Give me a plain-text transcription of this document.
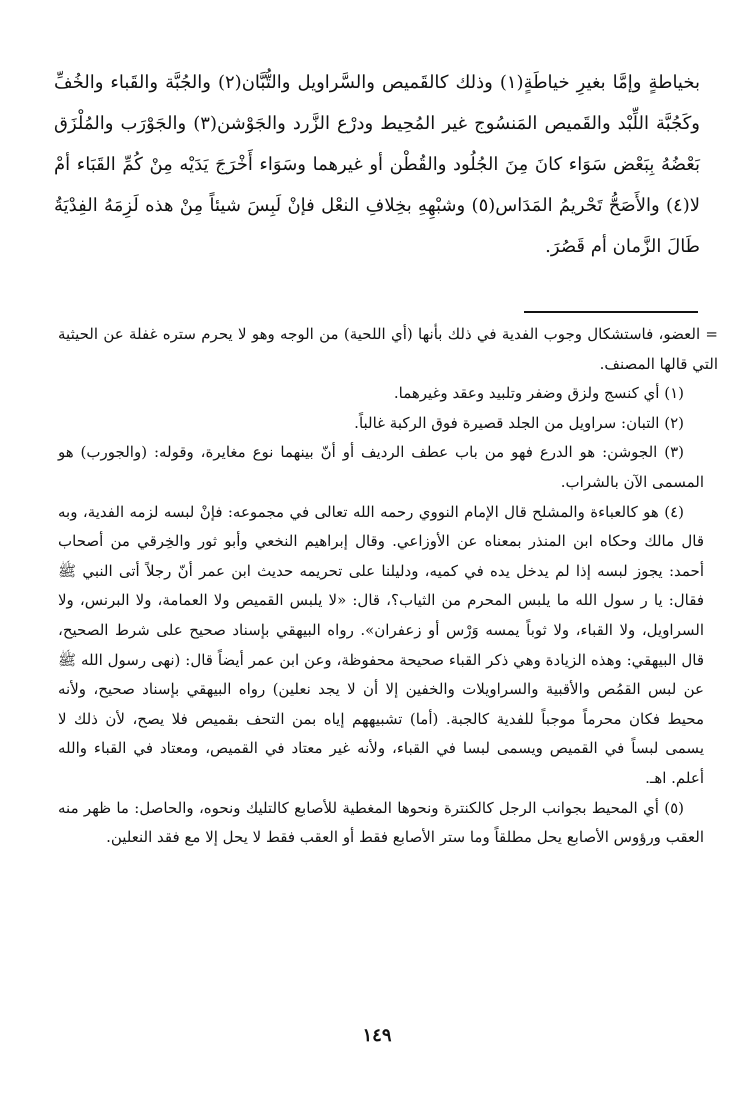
بخياطةٍ وإمَّا بغيرِ خياطَةٍ(١) وذلك كالقَميص والسَّراويل والتُّبَّان(٢) والجُبَّة والقَباء والخُفِّ وكَجُبَّة اللِّبْد والقَميص المَنسُوج غير المُحِيط ودرْع الزَّرد والجَوْشن(٣) والجَوْرَب والمُلْزَق بَعْضُهُ بِبَعْض سَوَاء كانَ مِنَ الجُلُود والقُطْن أو غيرهما وسَوَاء أَخْرَجَ يَدَيْه مِنْ كُمِّ القَبَاء أمْ لا(٤) والأَصَحُّ تَحْريمُ المَدَاس(٥) وشبْهِهِ بخِلافِ النعْل فإنْ لَبِسَ شيئاً مِنْ هذه لَزِمَهُ الفِدْيَةُ طَالَ الزَّمان أم قَصُرَ.

= العضو، فاستشكال وجوب الفدية في ذلك بأنها (أي اللحية) من الوجه وهو لا يحرم ستره غفلة عن الحيثية التي قالها المصنف.

(١) أي كنسج ولزق وضفر وتلبيد وعقد وغيرهما.

(٢) التبان: سراويل من الجلد قصيرة فوق الركبة غالباً.

(٣) الجوشن: هو الدرع فهو من باب عطف الرديف أو أنّ بينهما نوع مغايرة، وقوله: (والجورب) هو المسمى الآن بالشراب.

(٤) هو كالعباءة والمشلح قال الإمام النووي رحمه الله تعالى في مجموعه: فإنْ لبسه لزمه الفدية، وبه قال مالك وحكاه ابن المنذر بمعناه عن الأوزاعي. وقال إبراهيم النخعي وأبو ثور والخِرقي من أصحاب أحمد: يجوز لبسه إذا لم يدخل يده في كميه، ودليلنا على تحريمه حديث ابن عمر أنّ رجلاً أتى النبي ﷺ فقال: يا ر سول الله ما يلبس المحرم من الثياب؟، قال: «لا يلبس القميص ولا العمامة، ولا البرنس، ولا السراويل، ولا القباء، ولا ثوباً يمسه وَرْس أو زعفران». رواه البيهقي بإسناد صحيح على شرط الصحيح، قال البيهقي: وهذه الزيادة وهي ذكر القباء صحيحة محفوظة، وعن ابن عمر أيضاً قال: (نهى رسول الله ﷺ عن لبس القمُص والأقبية والسراويلات والخفين إلا أن لا يجد نعلين) رواه البيهقي بإسناد صحيح، ولأنه محيط فكان محرماً موجباً للفدية كالجبة. (أما) تشبيههم إياه بمن التحف بقميص فلا يصح، لأن ذلك لا يسمى لبساً في القميص ويسمى لبسا في القباء، ولأنه غير معتاد في القميص، ومعتاد في القباء والله أعلم. اهـ.

(٥) أي المحيط بجوانب الرجل كالكنترة ونحوها المغطية للأصابع كالتليك ونحوه، والحاصل: ما ظهر منه العقب ورؤوس الأصابع يحل مطلقاً وما ستر الأصابع فقط أو العقب فقط لا يحل إلا مع فقد النعلين.

١٤٩
